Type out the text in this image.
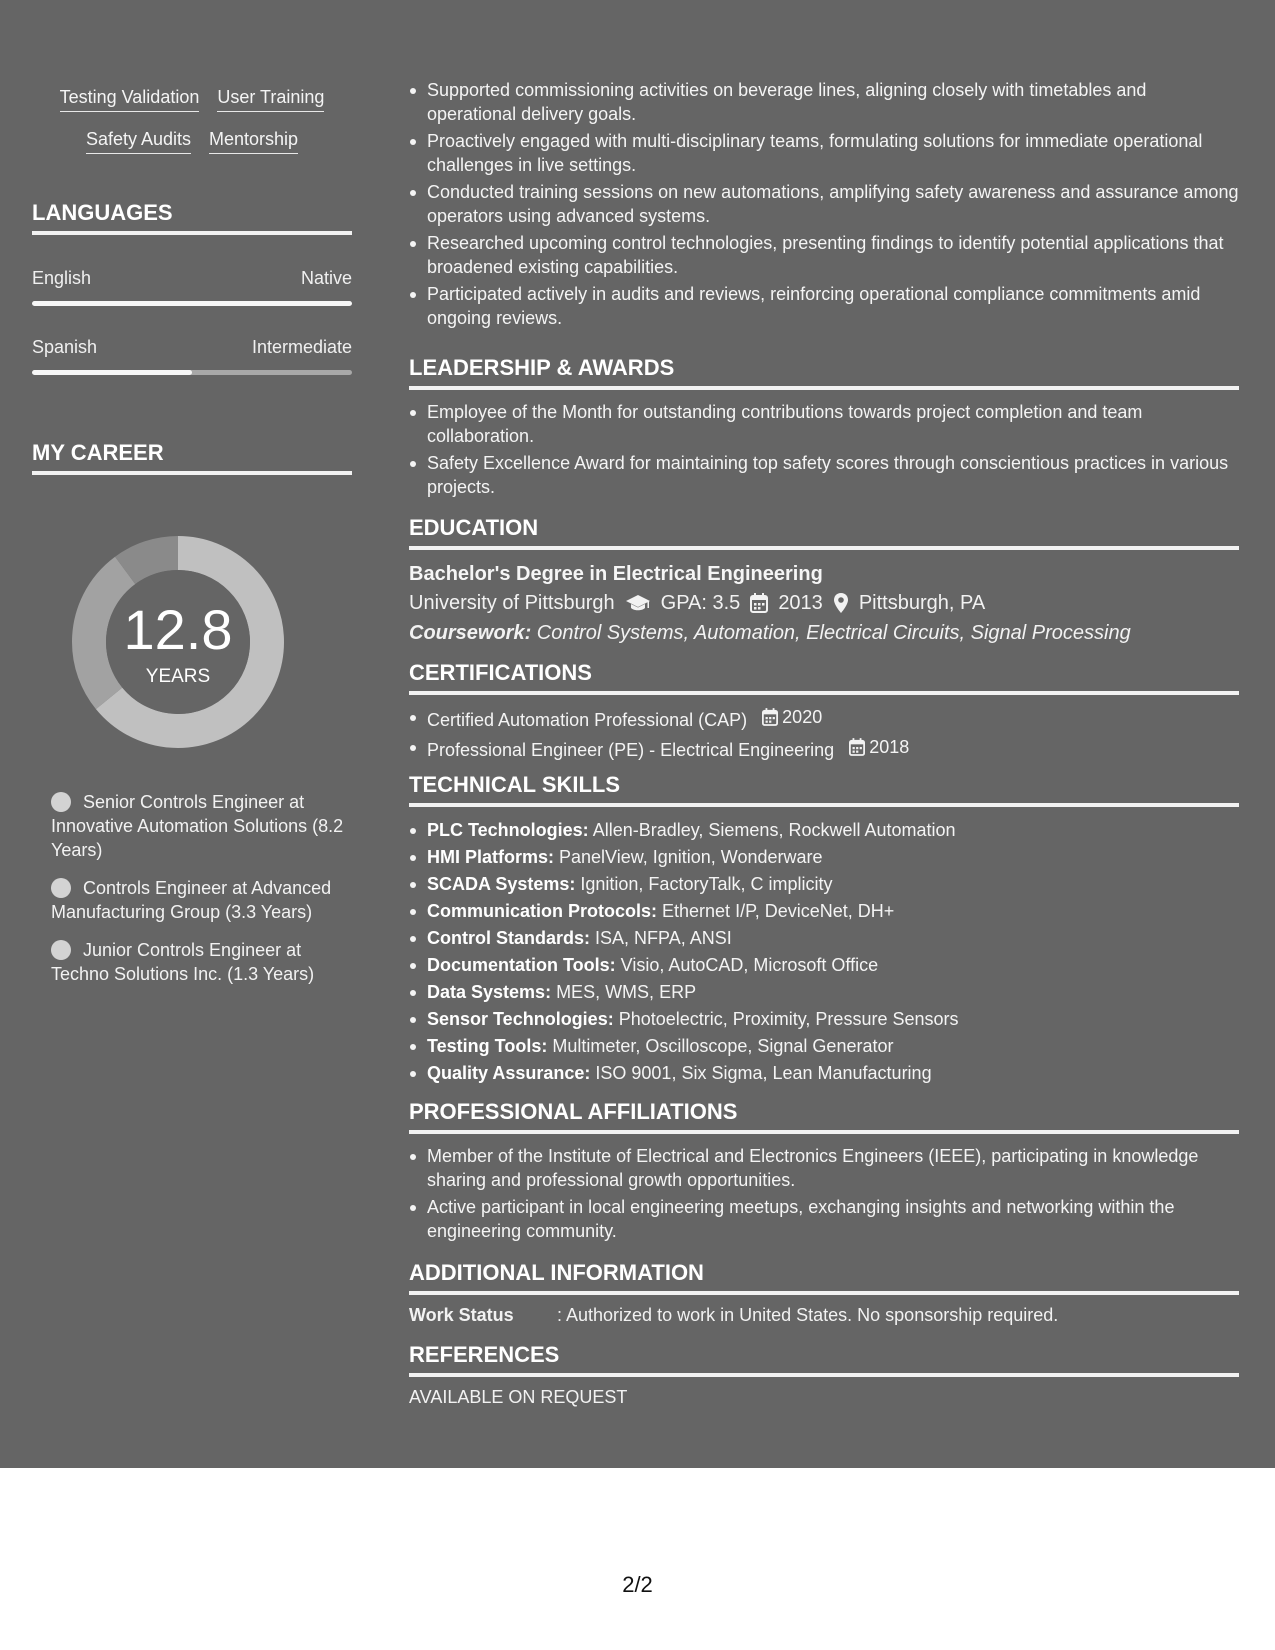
Testing Validation User Training
Safety Audits Mentorship
LANGUAGES
English	Native
Spanish	Intermediate
MY CAREER
12.8
YEARS
Senior Controls Engineer at Innovative Automation Solutions (8.2 Years)
Controls Engineer at Advanced Manufacturing Group (3.3 Years)
Junior Controls Engineer at Techno Solutions Inc. (1.3 Years)
Supported commissioning activities on beverage lines, aligning closely with timetables and operational delivery goals.
Proactively engaged with multi-disciplinary teams, formulating solutions for immediate operational challenges in live settings.
Conducted training sessions on new automations, amplifying safety awareness and assurance among operators using advanced systems.
Researched upcoming control technologies, presenting findings to identify potential applications that broadened existing capabilities.
Participated actively in audits and reviews, reinforcing operational compliance commitments amid ongoing reviews.
LEADERSHIP & AWARDS
Employee of the Month for outstanding contributions towards project completion and team collaboration.
Safety Excellence Award for maintaining top safety scores through conscientious practices in various projects.
EDUCATION
Bachelor's Degree in Electrical Engineering
University of Pittsburgh GPA: 3.5 2013 Pittsburgh, PA
Coursework: Control Systems, Automation, Electrical Circuits, Signal Processing
CERTIFICATIONS
Certified Automation Professional (CAP) 2020
Professional Engineer (PE) - Electrical Engineering 2018
TECHNICAL SKILLS
PLC Technologies: Allen-Bradley, Siemens, Rockwell Automation
HMI Platforms: PanelView, Ignition, Wonderware
SCADA Systems: Ignition, FactoryTalk, C implicity
Communication Protocols: Ethernet I/P, DeviceNet, DH+
Control Standards: ISA, NFPA, ANSI
Documentation Tools: Visio, AutoCAD, Microsoft Office
Data Systems: MES, WMS, ERP
Sensor Technologies: Photoelectric, Proximity, Pressure Sensors
Testing Tools: Multimeter, Oscilloscope, Signal Generator
Quality Assurance: ISO 9001, Six Sigma, Lean Manufacturing
PROFESSIONAL AFFILIATIONS
Member of the Institute of Electrical and Electronics Engineers (IEEE), participating in knowledge sharing and professional growth opportunities.
Active participant in local engineering meetups, exchanging insights and networking within the engineering community.
ADDITIONAL INFORMATION
Work Status	: Authorized to work in United States. No sponsorship required.
REFERENCES
AVAILABLE ON REQUEST
2/2
